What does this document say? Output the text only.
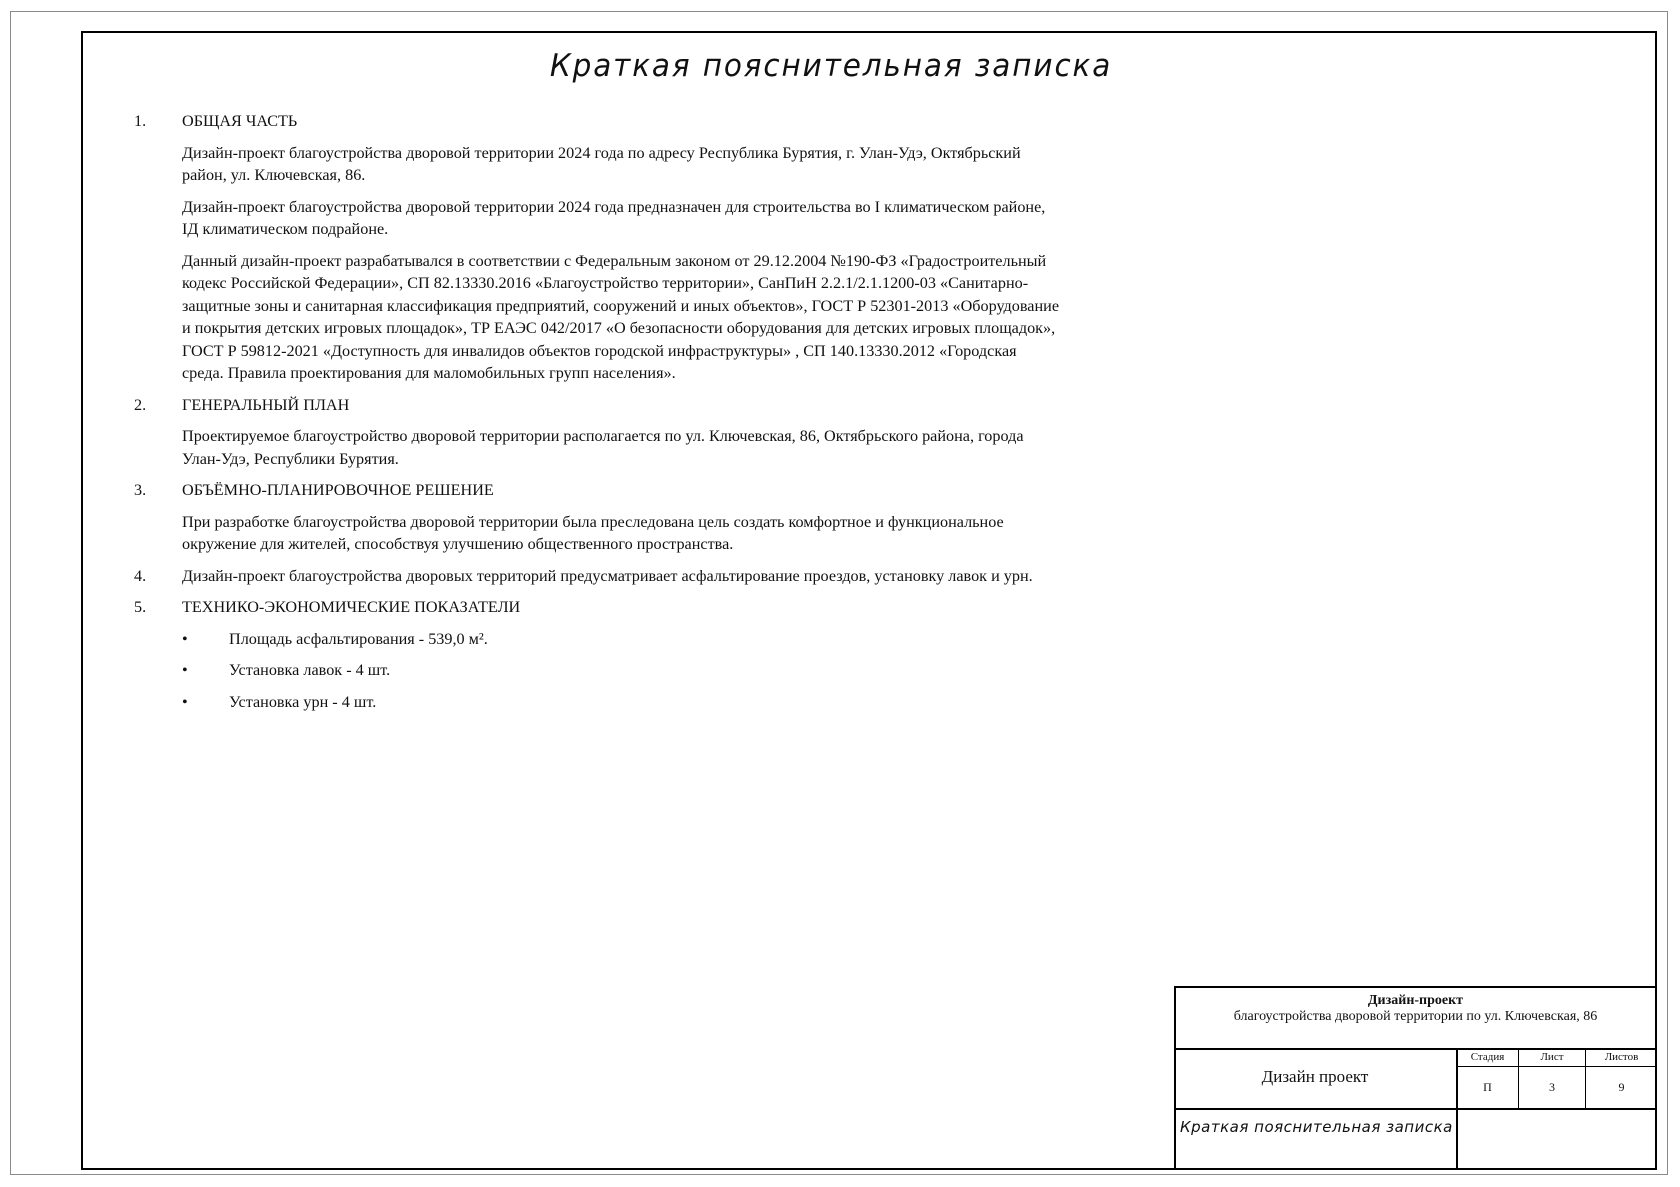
Краткая пояснительная записка
1.	ОБЩАЯ ЧАСТЬ

Дизайн-проект благоустройства дворовой территории 2024 года по адресу Республика Бурятия, г. Улан-Удэ, Октябрьский район, ул. Ключевская, 86.

Дизайн-проект благоустройства дворовой территории 2024 года предназначен для строительства во I климатическом районе, IД климатическом подрайоне.

Данный дизайн-проект разрабатывался в соответствии с Федеральным законом от 29.12.2004 №190-ФЗ «Градостроительный кодекс Российской Федерации», СП 82.13330.2016 «Благоустройство территории», СанПиН 2.2.1/2.1.1200-03 «Санитарно-защитные зоны и санитарная классификация предприятий, сооружений и иных объектов», ГОСТ Р 52301-2013 «Оборудование и покрытия детских игровых площадок», ТР ЕАЭС 042/2017 «О безопасности оборудования для детских игровых площадок», ГОСТ Р 59812-2021 «Доступность для инвалидов объектов городской инфраструктуры» , СП 140.13330.2012 «Городская среда. Правила проектирования для маломобильных групп населения».

2.	ГЕНЕРАЛЬНЫЙ ПЛАН

Проектируемое благоустройство дворовой территории располагается по ул. Ключевская, 86, Октябрьского района, города Улан-Удэ, Республики Бурятия.

3.	ОБЪЁМНО-ПЛАНИРОВОЧНОЕ РЕШЕНИЕ

При разработке благоустройства дворовой территории была преследована цель создать комфортное и функциональное окружение для жителей, способствуя улучшению общественного пространства.

4.	Дизайн-проект благоустройства дворовых территорий предусматривает асфальтирование проездов, установку лавок и урн.

5.	ТЕХНИКО-ЭКОНОМИЧЕСКИЕ ПОКАЗАТЕЛИ

•	Площадь асфальтирования - 539,0 м².
•	Установка лавок - 4 шт.
•	Установка урн - 4 шт.
Дизайн-проект
благоустройства дворовой территории по ул. Ключевская, 86
Дизайн проект
Краткая пояснительная записка
Стадия	Лист	Листов
П	3	9
